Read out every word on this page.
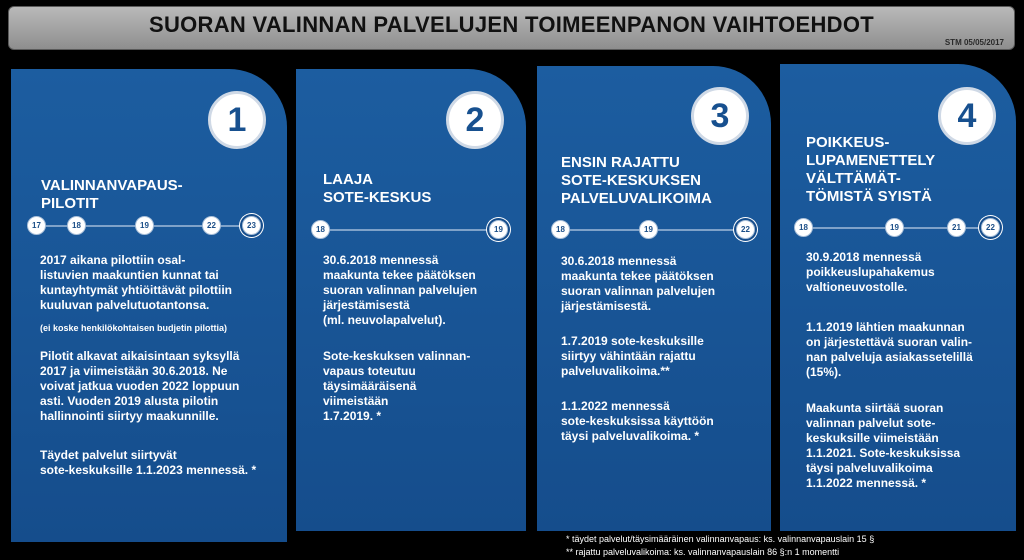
SUORAN VALINNAN PALVELUJEN TOIMEENPANON VAIHTOEHDOT
STM 05/05/2017
1
VALINNANVAPAUS-
PILOTIT
17	18	19	22	23
2017 aikana pilottiin osal-
listuvien maakuntien kunnat tai
kuntayhtymät yhtiöittävät pilottiin
kuuluvan palvelutuotantonsa.
(ei koske henkilökohtaisen budjetin pilottia)
Pilotit alkavat aikaisintaan syksyllä
2017 ja viimeistään 30.6.2018. Ne
voivat jatkua vuoden 2022 loppuun
asti. Vuoden 2019 alusta pilotin
hallinnointi siirtyy maakunnille.
Täydet palvelut siirtyvät
sote-keskuksille 1.1.2023 mennessä. *
2
LAAJA
SOTE-KESKUS
18	19
30.6.2018 mennessä
maakunta tekee päätöksen
suoran valinnan palvelujen
järjestämisestä
(ml. neuvolapalvelut).
Sote-keskuksen valinnan-
vapaus toteutuu
täysimääräisenä
viimeistään
1.7.2019. *
3
ENSIN RAJATTU
SOTE-KESKUKSEN
PALVELUVALIKOIMA
18	19	22
30.6.2018 mennessä
maakunta tekee päätöksen
suoran valinnan palvelujen
järjestämisestä.
1.7.2019 sote-keskuksille
siirtyy vähintään rajattu
palveluvalikoima.**
1.1.2022 mennessä
sote-keskuksissa käyttöön
täysi palveluvalikoima. *
4
POIKKEUS-
LUPAMENETTELY
VÄLTTÄMÄT-
TÖMISTÄ SYISTÄ
18	19	21	22
30.9.2018 mennessä
poikkeuslupahakemus
valtioneuvostolle.
1.1.2019 lähtien maakunnan
on järjestettävä suoran valin-
nan palveluja asiakassetelillä
(15%).
Maakunta siirtää suoran
valinnan palvelut sote-
keskuksille viimeistään
1.1.2021. Sote-keskuksissa
täysi palveluvalikoima
1.1.2022 mennessä. *
* täydet palvelut/täysimääräinen valinnanvapaus: ks. valinnanvapauslain 15 §
** rajattu palveluvalikoima: ks. valinnanvapauslain 86 §:n 1 momentti
